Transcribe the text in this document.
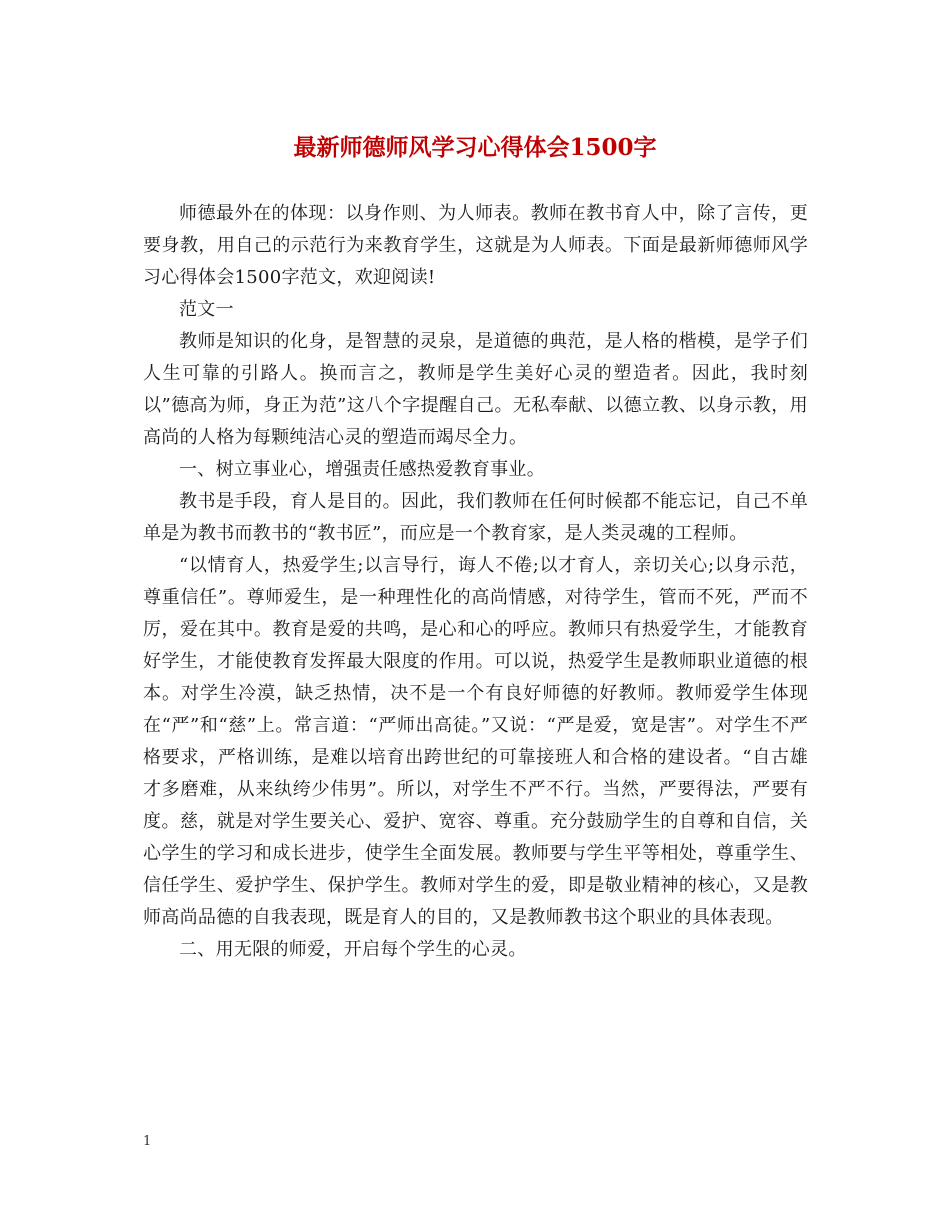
最新师德师风学习心得体会1500字

师德最外在的体现：以身作则、为人师表。教师在教书育人中，除了言传，更要身教，用自己的示范行为来教育学生，这就是为人师表。下面是最新师德师风学习心得体会1500字范文，欢迎阅读!

范文一

教师是知识的化身，是智慧的灵泉，是道德的典范，是人格的楷模，是学子们人生可靠的引路人。换而言之，教师是学生美好心灵的塑造者。因此，我时刻以”德高为师，身正为范”这八个字提醒自己。无私奉献、以德立教、以身示教，用高尚的人格为每颗纯洁心灵的塑造而竭尽全力。

一、树立事业心，增强责任感热爱教育事业。

教书是手段，育人是目的。因此，我们教师在任何时候都不能忘记，自己不单单是为教书而教书的“教书匠”，而应是一个教育家，是人类灵魂的工程师。

“以情育人，热爱学生;以言导行，诲人不倦;以才育人，亲切关心;以身示范，尊重信任”。尊师爱生，是一种理性化的高尚情感，对待学生，管而不死，严而不厉，爱在其中。教育是爱的共鸣，是心和心的呼应。教师只有热爱学生，才能教育好学生，才能使教育发挥最大限度的作用。可以说，热爱学生是教师职业道德的根本。对学生冷漠，缺乏热情，决不是一个有良好师德的好教师。教师爱学生体现在“严”和“慈”上。常言道：“严师出高徒。”又说：“严是爱，宽是害”。对学生不严格要求，严格训练，是难以培育出跨世纪的可靠接班人和合格的建设者。“自古雄才多磨难，从来纨绔少伟男”。所以，对学生不严不行。当然，严要得法，严要有度。慈，就是对学生要关心、爱护、宽容、尊重。充分鼓励学生的自尊和自信，关心学生的学习和成长进步，使学生全面发展。教师要与学生平等相处，尊重学生、信任学生、爱护学生、保护学生。教师对学生的爱，即是敬业精神的核心，又是教师高尚品德的自我表现，既是育人的目的，又是教师教书这个职业的具体表现。

二、用无限的师爱，开启每个学生的心灵。

1
